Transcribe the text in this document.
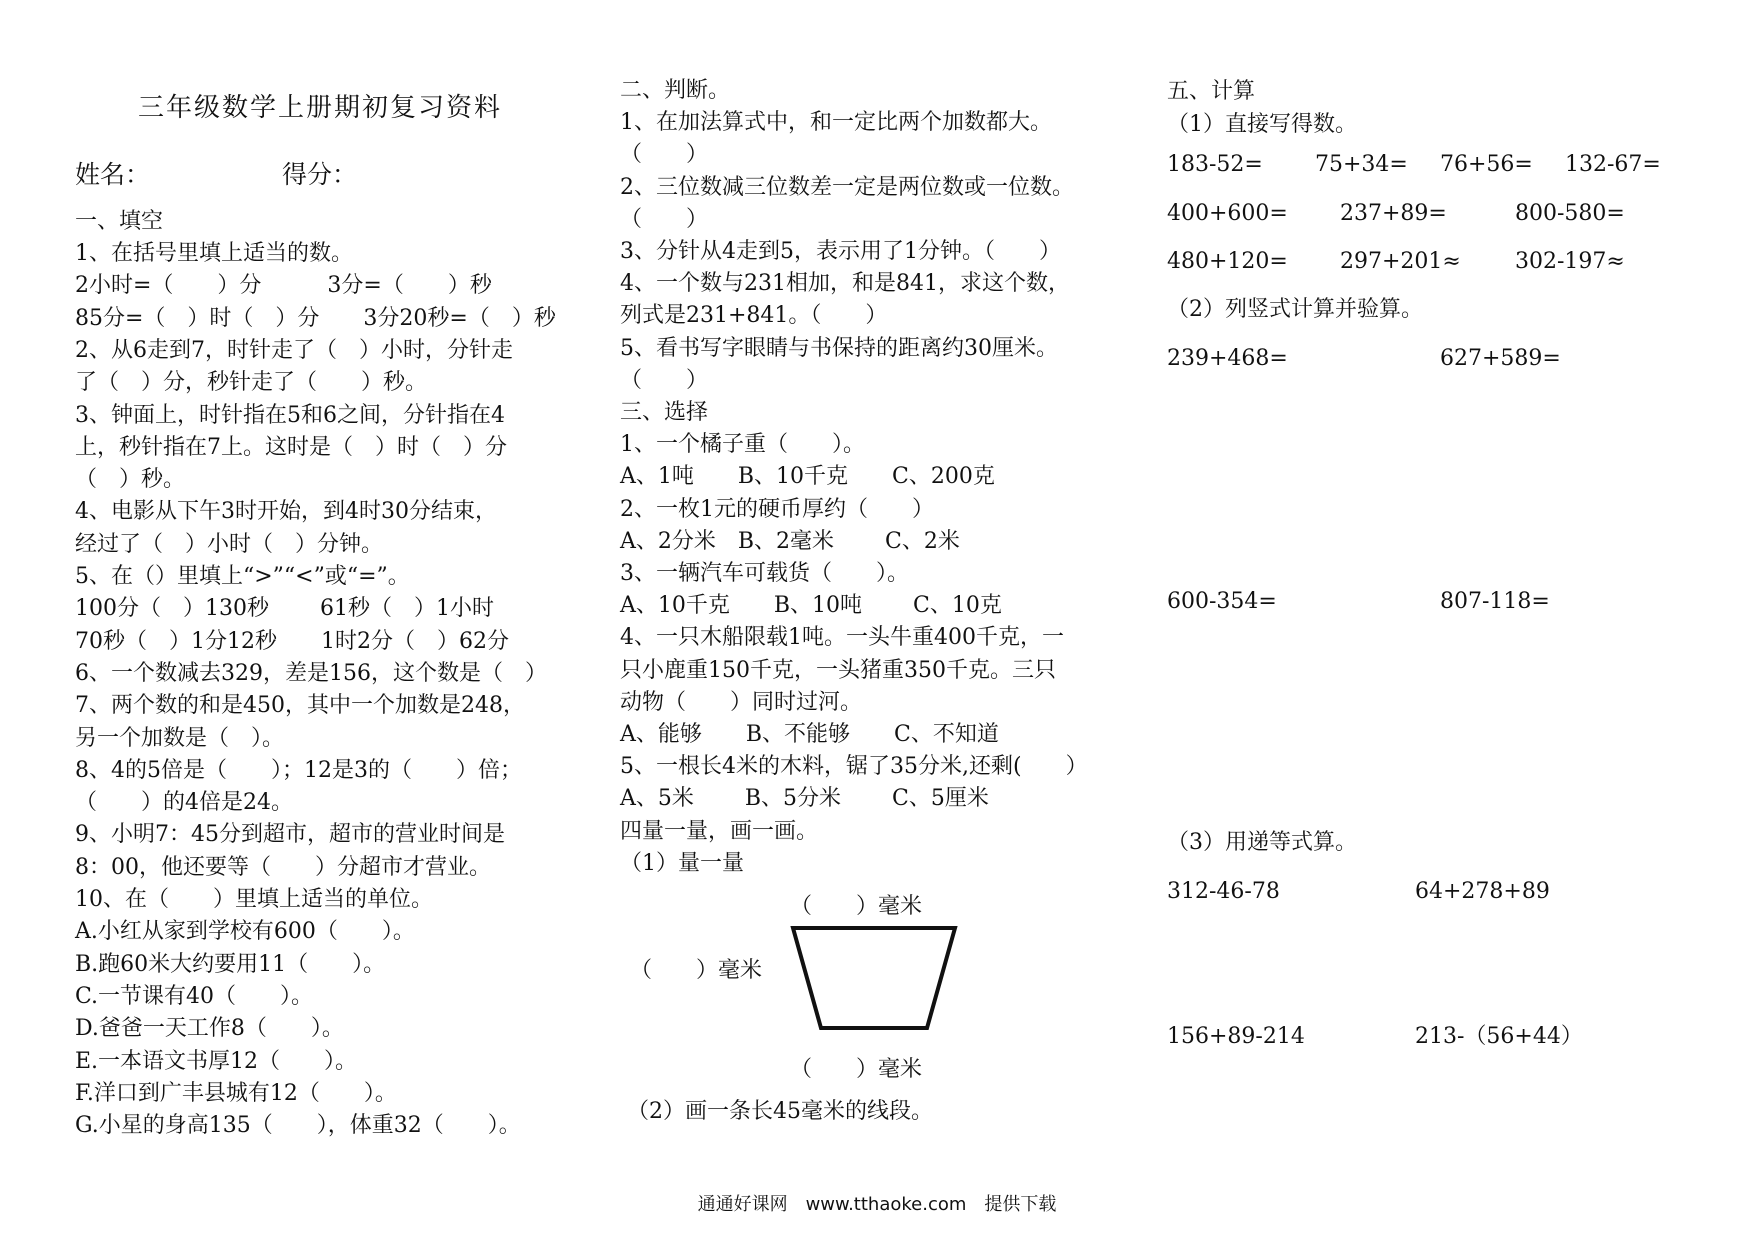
三年级数学上册期初复习资料
姓名：	得分：
一、填空
1、在括号里填上适当的数。
2小时=（　　）分　　　3分=（　　）秒
85分=（　）时（　）分　　3分20秒=（　）秒
2、从6走到7，时针走了（　）小时，分针走
了（　）分，秒针走了（　　）秒。
3、钟面上，时针指在5和6之间，分针指在4
上，秒针指在7上。这时是（　）时（　）分
（　）秒。
4、电影从下午3时开始，到4时30分结束，
经过了（　）小时（　）分钟。
5、在（）里填上“>”“<”或“=”。
100分（　）130秒　　 61秒（　）1小时
70秒（　）1分12秒　　1时2分（　）62分
6、一个数减去329，差是156，这个数是（　）
7、两个数的和是450，其中一个加数是248，
另一个加数是（　）。
8、4的5倍是（　　）；12是3的（　　）倍；
（　　）的4倍是24。
9、小明7：45分到超市，超市的营业时间是
8：00，他还要等（　　）分超市才营业。
10、在（　　）里填上适当的单位。
A.小红从家到学校有600（　　）。
B.跑60米大约要用11（　　）。
C.一节课有40（　　）。
D.爸爸一天工作8（　　）。
E.一本语文书厚12（　　）。
F.洋口到广丰县城有12（　　）。
G.小星的身高135（　　），体重32（　　）。
二、判断。
1、在加法算式中，和一定比两个加数都大。
（　　）
2、三位数减三位数差一定是两位数或一位数。
（　　）
3、分针从4走到5，表示用了1分钟。（　　）
4、一个数与231相加，和是841，求这个数，
列式是231+841。（　　）
5、看书写字眼睛与书保持的距离约30厘米。
（　　）
三、选择
1、一个橘子重（　　）。
A、1吨　　B、10千克　　C、200克
2、一枚1元的硬币厚约（　　）
A、2分米　B、2毫米　　 C、2米
3、一辆汽车可载货（　　）。
A、10千克　　B、10吨　　 C、10克
4、一只木船限载1吨。一头牛重400千克，一
只小鹿重150千克，一头猪重350千克。三只
动物（　　）同时过河。
A、能够　　B、不能够　　C、不知道
5、一根长4米的木料，锯了35分米,还剩(　　）
A、5米　　 B、5分米　　 C、5厘米
四量一量，画一画。
（1）量一量
（　　）毫米
（　　）毫米
（　　）毫米
（2）画一条长45毫米的线段。
五、计算
（1）直接写得数。
183-52= 75+34= 76+56= 132-67=
400+600= 237+89=	800-580=
480+120= 297+201≈ 302-197≈
（2）列竖式计算并验算。
239+468=	627+589=
600-354=	807-118=
（3）用递等式算。
312-46-78	64+278+89
156+89-214	213-（56+44）
通通好课网　www.tthaoke.com　提供下载
